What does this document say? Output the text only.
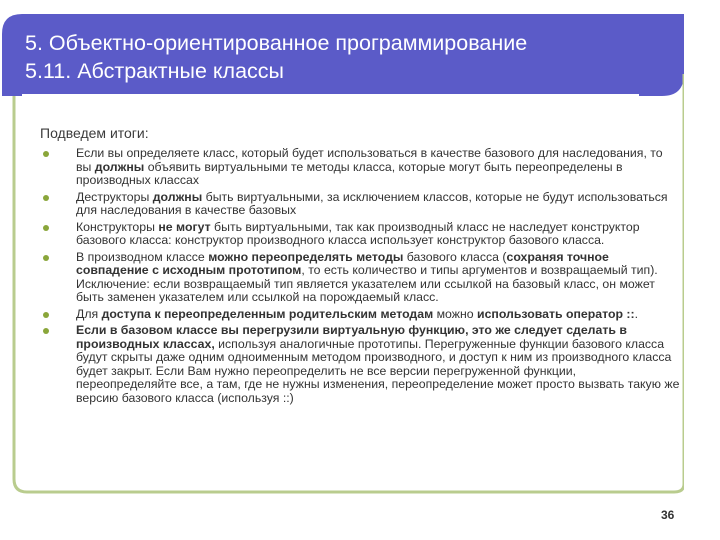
5. Объектно-ориентированное программирование
5.11. Абстрактные классы
Подведем итоги:
Если вы определяете класс, который будет использоваться в качестве базового для наследования, то вы должны объявить виртуальными те методы класса, которые могут быть переопределены в производных классах
Деструкторы должны быть виртуальными, за исключением классов, которые не будут использоваться для наследования в качестве базовых
Конструкторы не могут быть виртуальными, так как производный класс не наследует конструктор базового класса: конструктор производного класса использует конструктор базового класса.
В производном классе можно переопределять методы базового класса (сохраняя точное совпадение с исходным прототипом, то есть количество и типы аргументов и возвращаемый тип). Исключение: если возвращаемый тип является указателем или ссылкой на базовый класс, он может быть заменен указателем или ссылкой на порождаемый класс.
Для доступа к переопределенным родительским методам можно использовать оператор ::.
Если в базовом классе вы перегрузили виртуальную функцию, это же следует сделать в производных классах, используя аналогичные прототипы. Перегруженные функции базового класса будут скрыты даже одним одноименным методом производного, и доступ к ним из производного класса будет закрыт. Если Вам нужно переопределить не все версии перегруженной функции, переопределяйте все, а там, где не нужны изменения, переопределение может просто вызвать такую же версию базового класса (используя ::)
36
